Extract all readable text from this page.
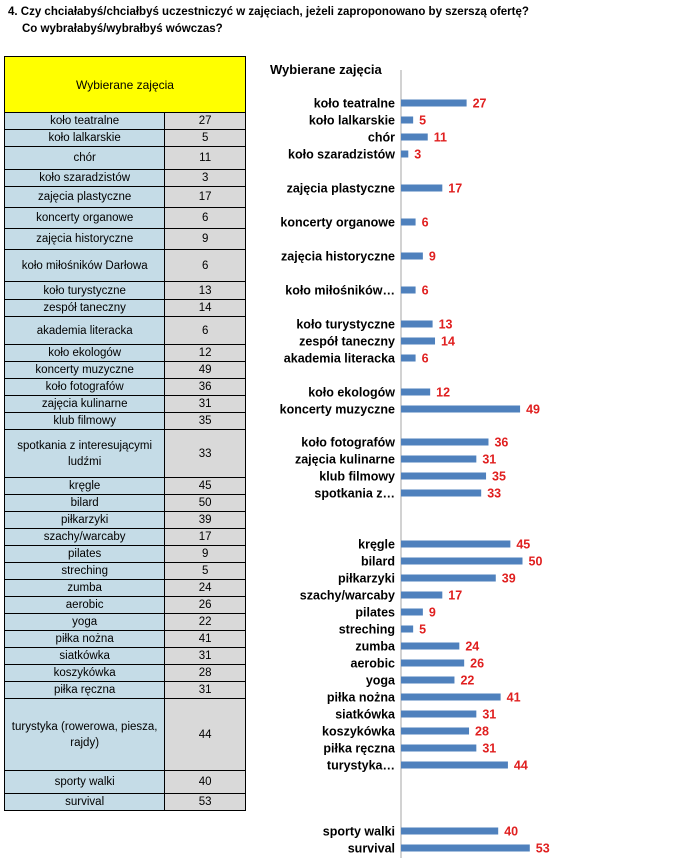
4. Czy chciałabyś/chciałbyś uczestniczyć w zajęciach, jeżeli zaproponowano by szerszą ofertę?
Co wybrałabyś/wybrałbyś wówczas?
Wybierane zajęcia	
koło teatralne	27
koło lalkarskie	5
chór	11
koło szaradzistów	3
zajęcia plastyczne	17
koncerty organowe	6
zajęcia historyczne	9
koło miłośników Darłowa	6
koło turystyczne	13
zespół taneczny	14
akademia literacka	6
koło ekologów	12
koncerty muzyczne	49
koło fotografów	36
zajęcia kulinarne	31
klub filmowy	35
spotkania z interesującymi ludźmi	33
kręgle	45
bilard	50
piłkarzyki	39
szachy/warcaby	17
pilates	9
streching	5
zumba	24
aerobic	26
yoga	22
piłka nożna	41
siatkówka	31
koszykówka	28
piłka ręczna	31
turystyka (rowerowa, piesza, rajdy)	44
sporty walki	40
survival	53
Wybierane zajęcia
koło teatralne	27
koło lalkarskie 5
chór	11
koło szaradzistów 3
zajęcia plastyczne	17
koncerty organowe 6
zajęcia historyczne	9
koło miłośników… 6
koło turystyczne	13
zespół taneczny	14
akademia literacka 6
koło ekologów	12
koncerty muzyczne	49
koło fotografów	36
zajęcia kulinarne	31
klub filmowy	35
spotkania z…	33
kręgle	45
bilard	50
piłkarzyki	39
szachy/warcaby	17
pilates	9
streching 5
zumba	24
aerobic	26
yoga	22
piłka nożna	41
siatkówka	31
koszykówka	28
piłka ręczna	31
turystyka…	44
sporty walki	40
survival	53
